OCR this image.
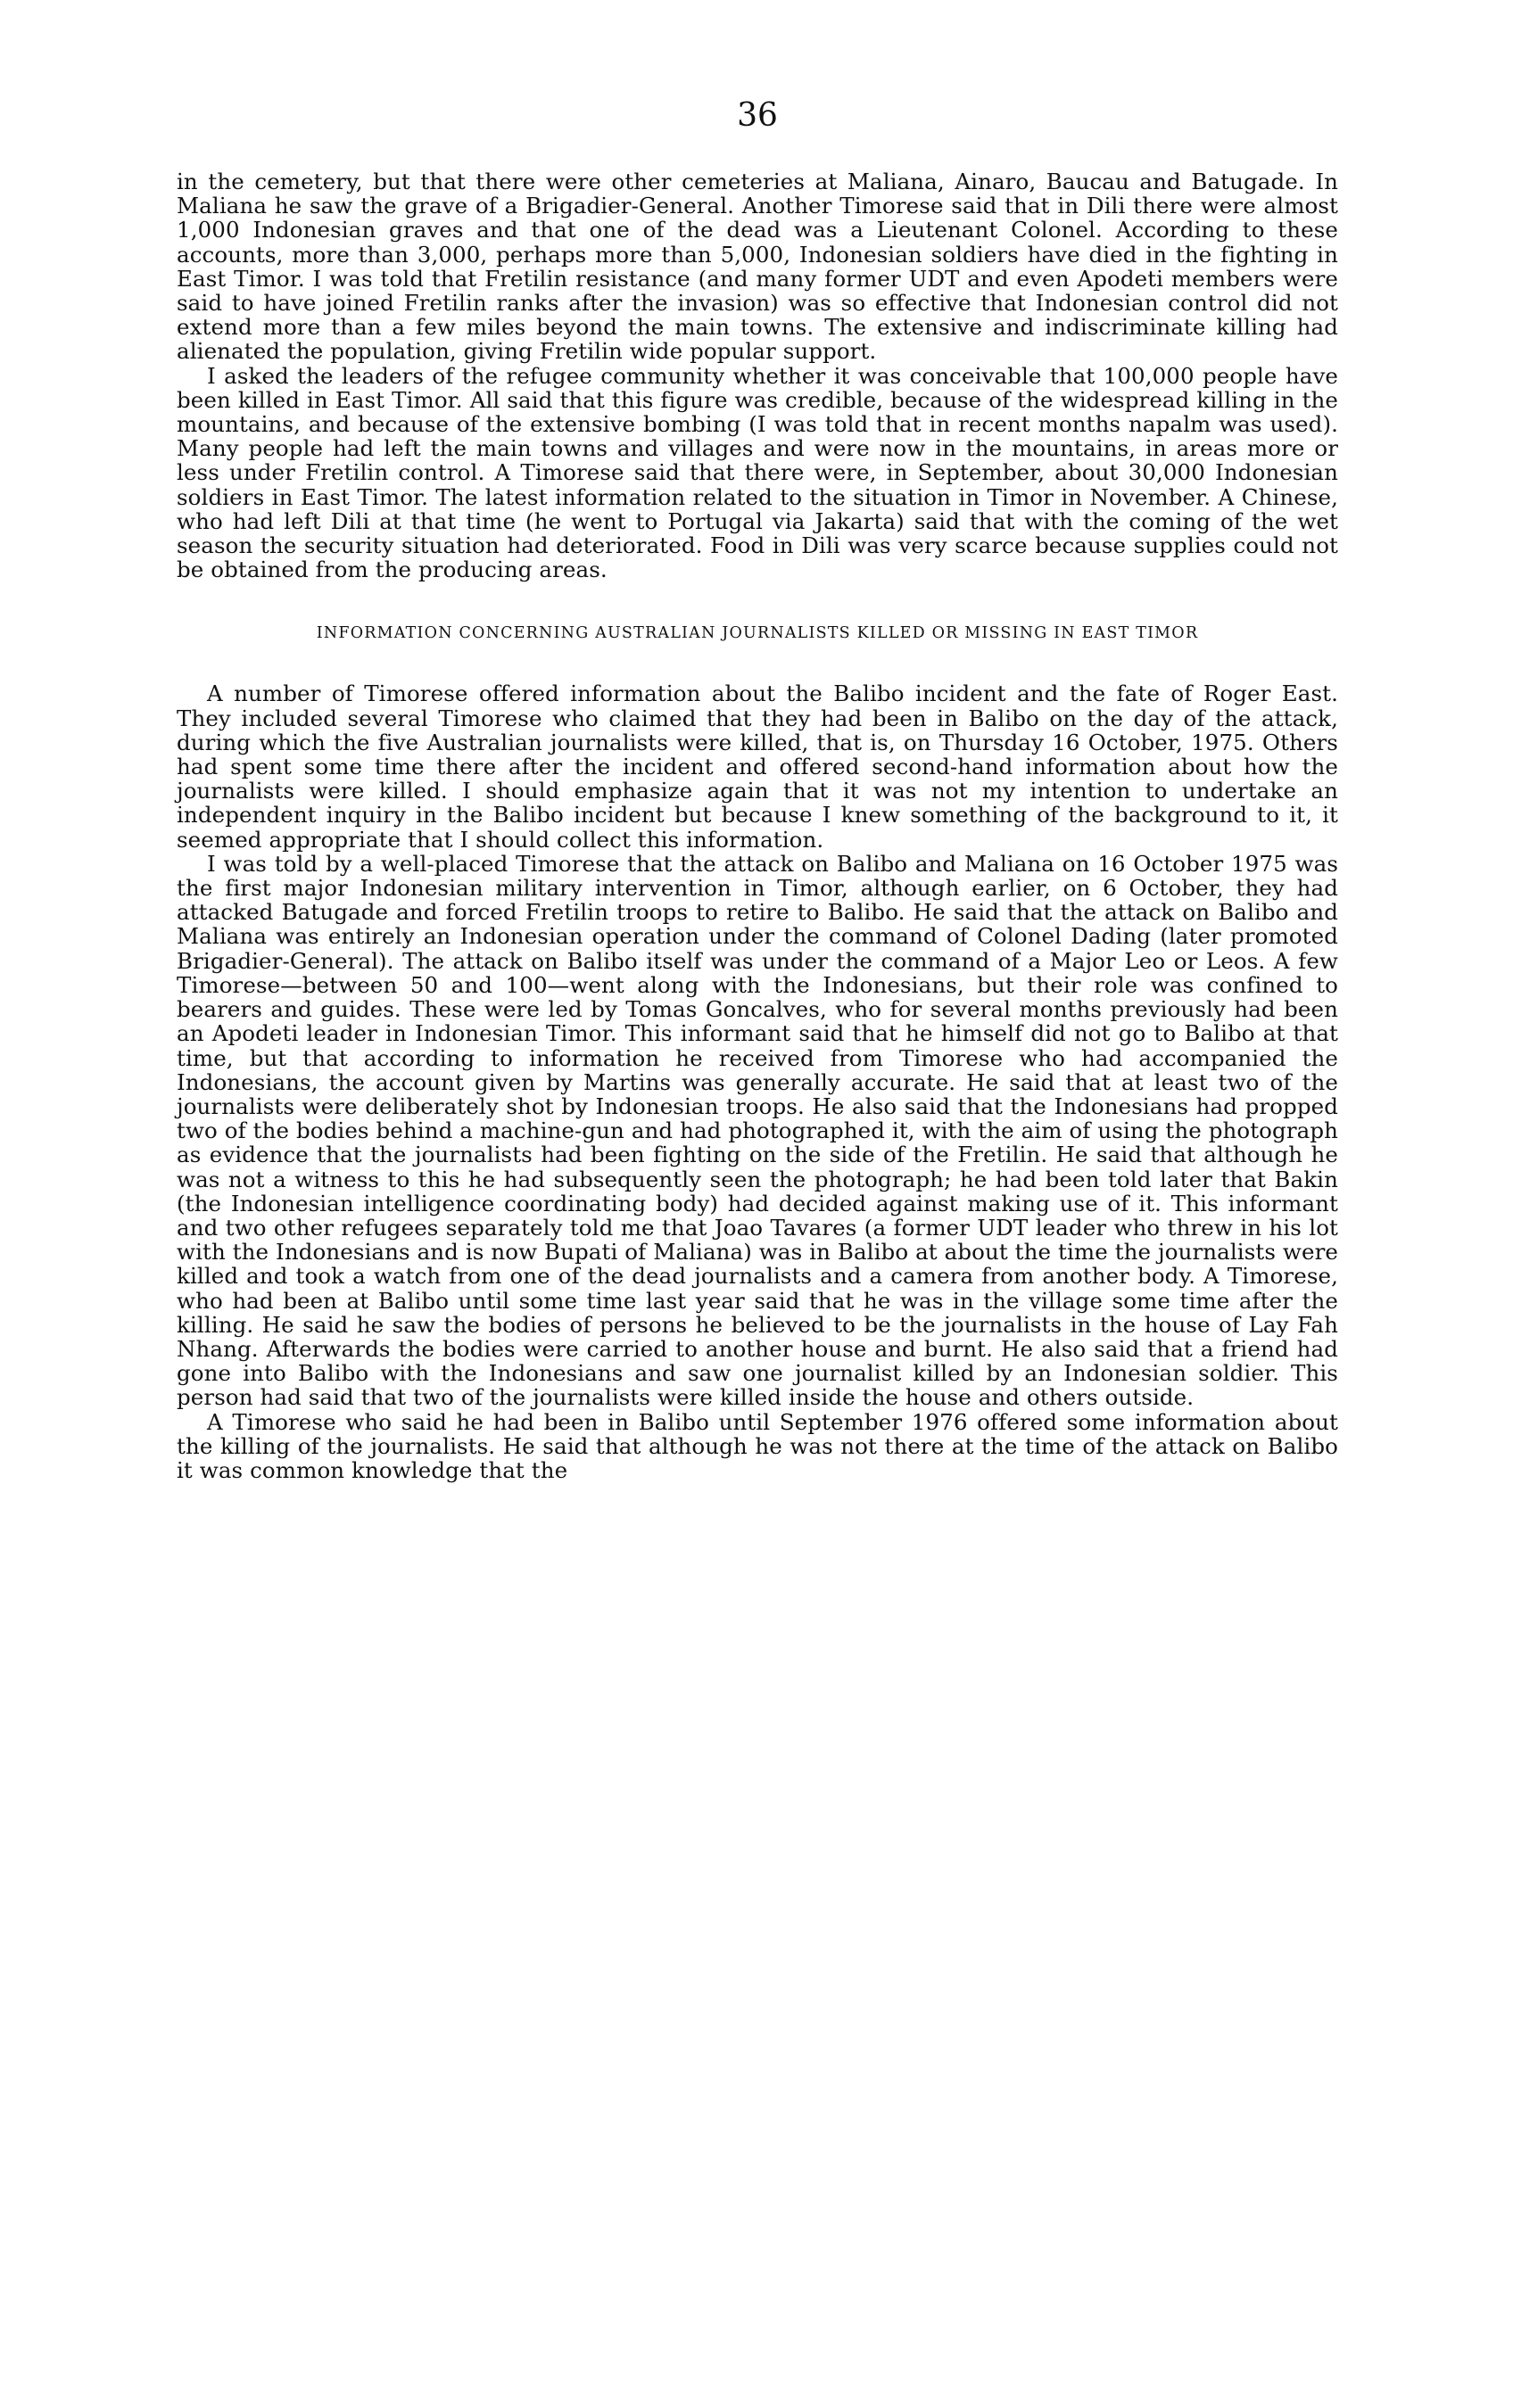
36

in the cemetery, but that there were other cemeteries at Maliana, Ainaro, Baucau and Batugade. In Maliana he saw the grave of a Brigadier-General. Another Timorese said that in Dili there were almost 1,000 Indonesian graves and that one of the dead was a Lieutenant Colonel. According to these accounts, more than 3,000, perhaps more than 5,000, Indonesian soldiers have died in the fighting in East Timor. I was told that Fretilin resistance (and many former UDT and even Apodeti members were said to have joined Fretilin ranks after the invasion) was so effective that Indonesian control did not extend more than a few miles beyond the main towns. The extensive and indiscriminate killing had alienated the population, giving Fretilin wide popular support.

I asked the leaders of the refugee community whether it was conceivable that 100,000 people have been killed in East Timor. All said that this figure was credible, because of the widespread killing in the mountains, and because of the extensive bombing (I was told that in recent months napalm was used). Many people had left the main towns and villages and were now in the mountains, in areas more or less under Fretilin control. A Timorese said that there were, in September, about 30,000 Indonesian soldiers in East Timor. The latest information related to the situation in Timor in November. A Chinese, who had left Dili at that time (he went to Portugal via Jakarta) said that with the coming of the wet season the security situation had deteriorated. Food in Dili was very scarce because supplies could not be obtained from the producing areas.

INFORMATION CONCERNING AUSTRALIAN JOURNALISTS KILLED OR MISSING IN EAST TIMOR

A number of Timorese offered information about the Balibo incident and the fate of Roger East. They included several Timorese who claimed that they had been in Balibo on the day of the attack, during which the five Australian journalists were killed, that is, on Thursday 16 October, 1975. Others had spent some time there after the incident and offered second-hand information about how the journalists were killed. I should emphasize again that it was not my intention to undertake an independent inquiry in the Balibo incident but because I knew something of the background to it, it seemed appropriate that I should collect this information.

I was told by a well-placed Timorese that the attack on Balibo and Maliana on 16 October 1975 was the first major Indonesian military intervention in Timor, although earlier, on 6 October, they had attacked Batugade and forced Fretilin troops to retire to Balibo. He said that the attack on Balibo and Maliana was entirely an Indonesian operation under the command of Colonel Dading (later promoted Brigadier-General). The attack on Balibo itself was under the command of a Major Leo or Leos. A few Timorese—between 50 and 100—went along with the Indonesians, but their role was confined to bearers and guides. These were led by Tomas Goncalves, who for several months previously had been an Apodeti leader in Indonesian Timor. This informant said that he himself did not go to Balibo at that time, but that according to information he received from Timorese who had accompanied the Indonesians, the account given by Martins was generally accurate. He said that at least two of the journalists were deliberately shot by Indonesian troops. He also said that the Indonesians had propped two of the bodies behind a machine-gun and had photographed it, with the aim of using the photograph as evidence that the journalists had been fighting on the side of the Fretilin. He said that although he was not a witness to this he had subsequently seen the photograph; he had been told later that Bakin (the Indonesian intelligence coordinating body) had decided against making use of it. This informant and two other refugees separately told me that Joao Tavares (a former UDT leader who threw in his lot with the Indonesians and is now Bupati of Maliana) was in Balibo at about the time the journalists were killed and took a watch from one of the dead journalists and a camera from another body. A Timorese, who had been at Balibo until some time last year said that he was in the village some time after the killing. He said he saw the bodies of persons he believed to be the journalists in the house of Lay Fah Nhang. Afterwards the bodies were carried to another house and burnt. He also said that a friend had gone into Balibo with the Indonesians and saw one journalist killed by an Indonesian soldier. This person had said that two of the journalists were killed inside the house and others outside.

A Timorese who said he had been in Balibo until September 1976 offered some information about the killing of the journalists. He said that although he was not there at the time of the attack on Balibo it was common knowledge that the
